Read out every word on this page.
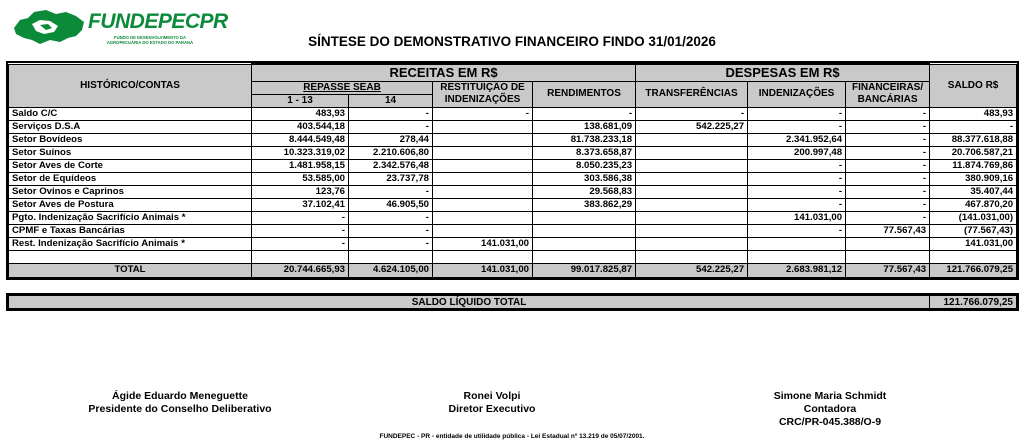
FUNDEPECPR
FUNDO DE DESENVOLVIMENTO DA AGROPECUÁRIA DO ESTADO DO PARANÁ	SÍNTESE DO DEMONSTRATIVO FINANCEIRO FINDO 31/01/2026
HISTÓRICO/CONTAS	RECEITAS EM R$				DESPESAS EM R$			SALDO R$
	REPASSE SEAB		RESTITUIÇÃO DE INDENIZAÇÕES	RENDIMENTOS	TRANSFERÊNCIAS	INDENIZAÇÕES	FINANCEIRAS/ BANCÁRIAS	
	1 - 13	14						
Saldo C/C	483,93	-	-	-	-	-	-	483,93
Serviços D.S.A	403.544,18	-		138.681,09	542.225,27	-	-	-
Setor Bovídeos	8.444.549,48	278,44		81.738.233,18		2.341.952,64	-	88.377.618,88
Setor Suínos	10.323.319,02	2.210.606,80		8.373.658,87		200.997,48	-	20.706.587,21
Setor Aves de Corte	1.481.958,15	2.342.576,48		8.050.235,23		-	-	11.874.769,86
Setor de Equídeos	53.585,00	23.737,78		303.586,38		-	-	380.909,16
Setor Ovinos e Caprinos	123,76	-		29.568,83		-	-	35.407,44
Setor Aves de Postura	37.102,41	46.905,50		383.862,29		-	-	467.870,20
Pgto. Indenização Sacrifício Animais *	-	-				141.031,00	-	(141.031,00)
CPMF e Taxas Bancárias	-	-				-	77.567,43	(77.567,43)
Rest. Indenização Sacrifício Animais *	-	-	141.031,00					141.031,00

TOTAL	20.744.665,93	4.624.105,00	141.031,00	99.017.825,87	542.225,27	2.683.981,12	77.567,43	121.766.079,25
SALDO LÍQUIDO TOTAL	121.766.079,25
Ágide Eduardo Meneguette
Presidente do Conselho Deliberativo
Ronei Volpi
Diretor Executivo
Simone Maria Schmidt
Contadora
CRC/PR-045.388/O-9
FUNDEPEC - PR - entidade de utilidade pública - Lei Estadual nº 13.219 de 05/07/2001.
